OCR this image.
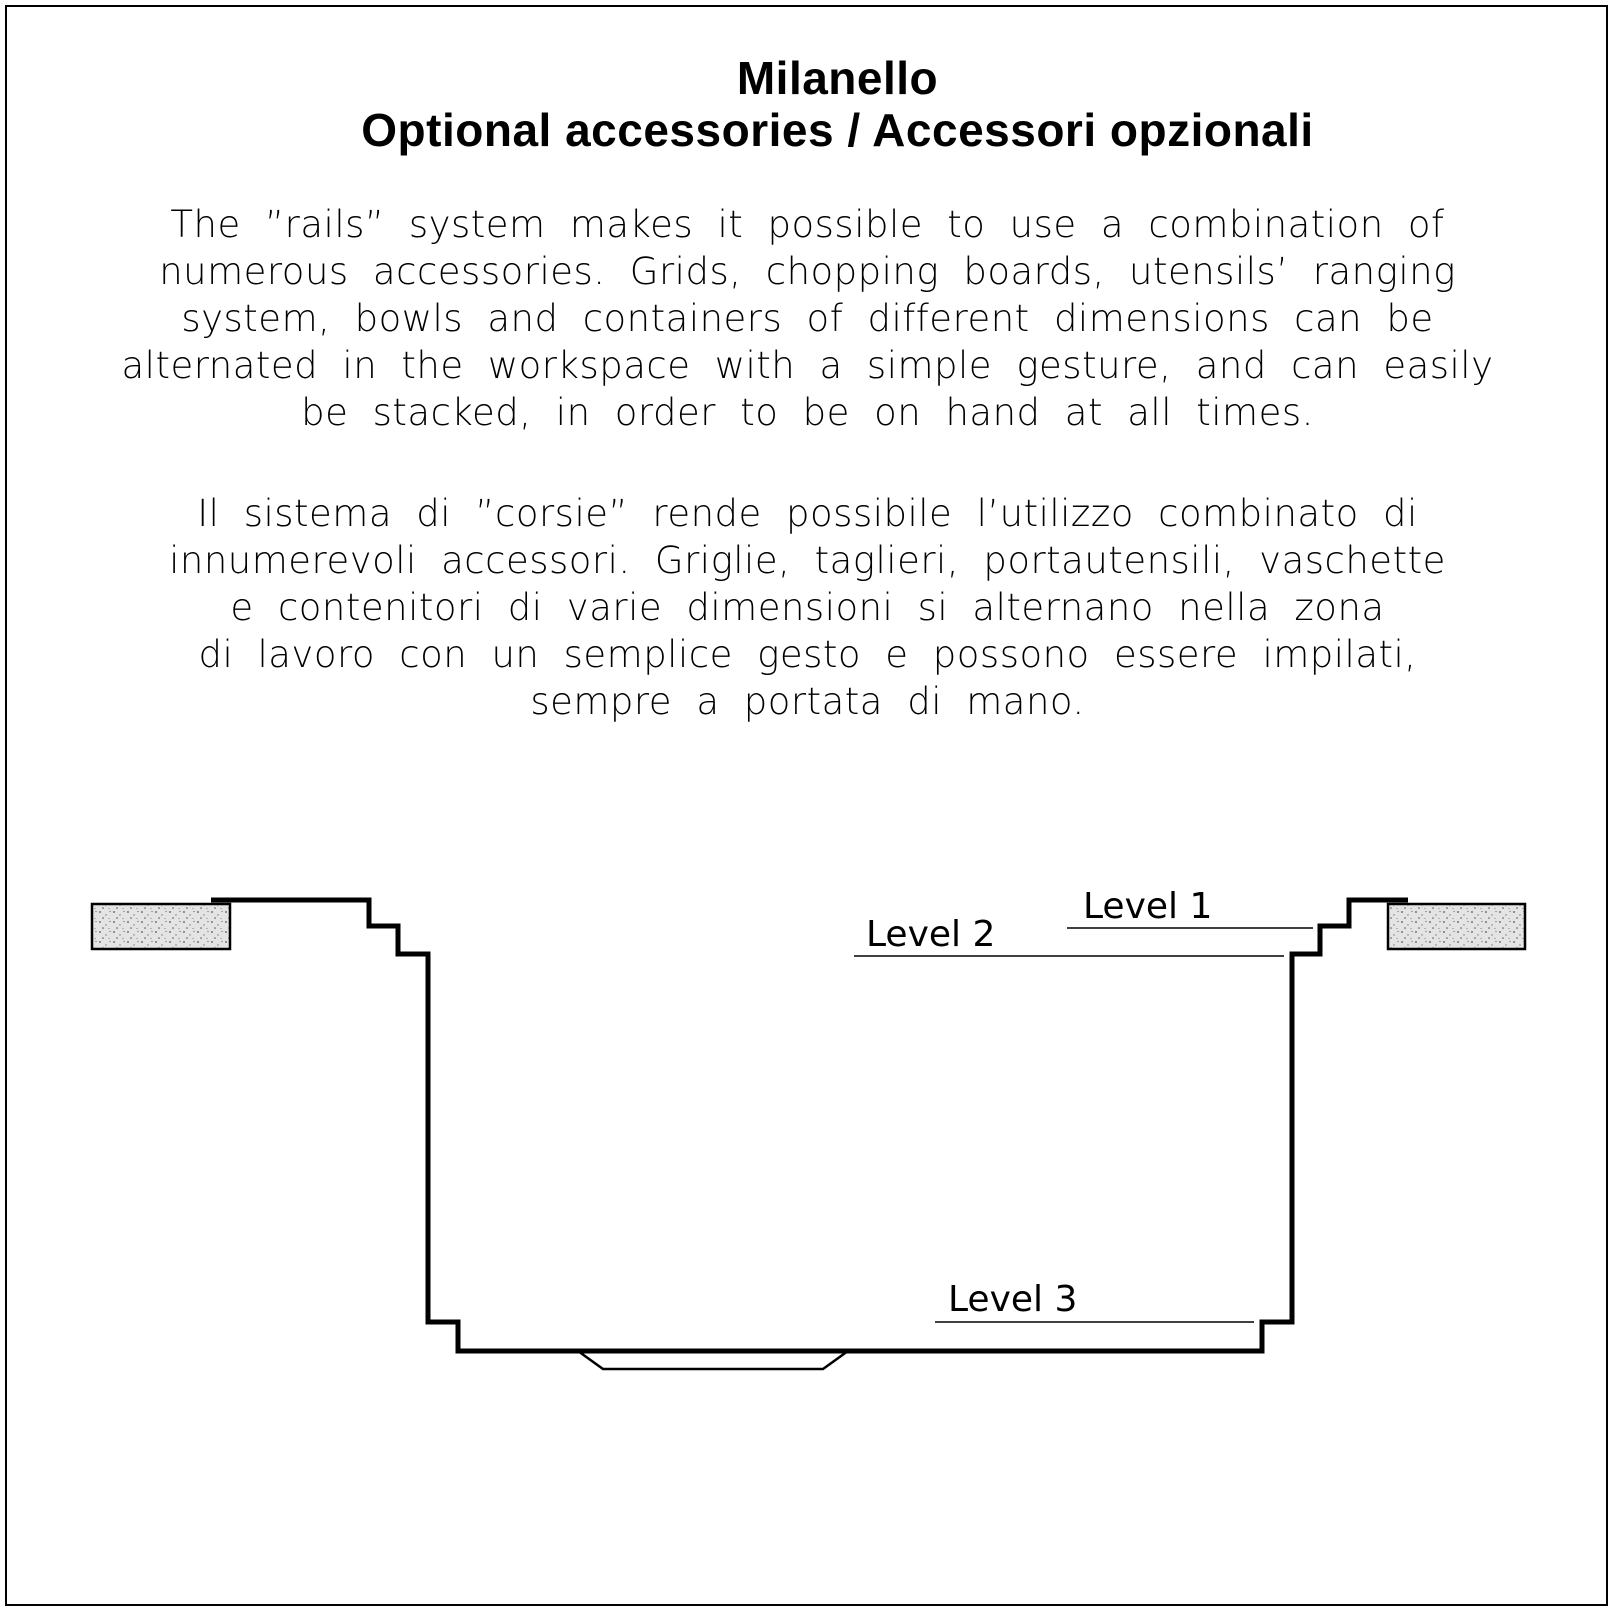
Milanello
Optional accessories / Accessori opzionali
The ”rails” system makes it possible to use a combination of
numerous accessories. Grids, chopping boards, utensils’ ranging
system, bowls and containers of different dimensions can be
alternated in the workspace with a simple gesture, and can easily
be stacked, in order to be on hand at all times.
Il sistema di ”corsie” rende possibile l’utilizzo combinato di
innumerevoli accessori. Griglie, taglieri, portautensili, vaschette
e contenitori di varie dimensioni si alternano nella zona
di lavoro con un semplice gesto e possono essere impilati,
sempre a portata di mano.
Level 1
Level 2
Level 3
